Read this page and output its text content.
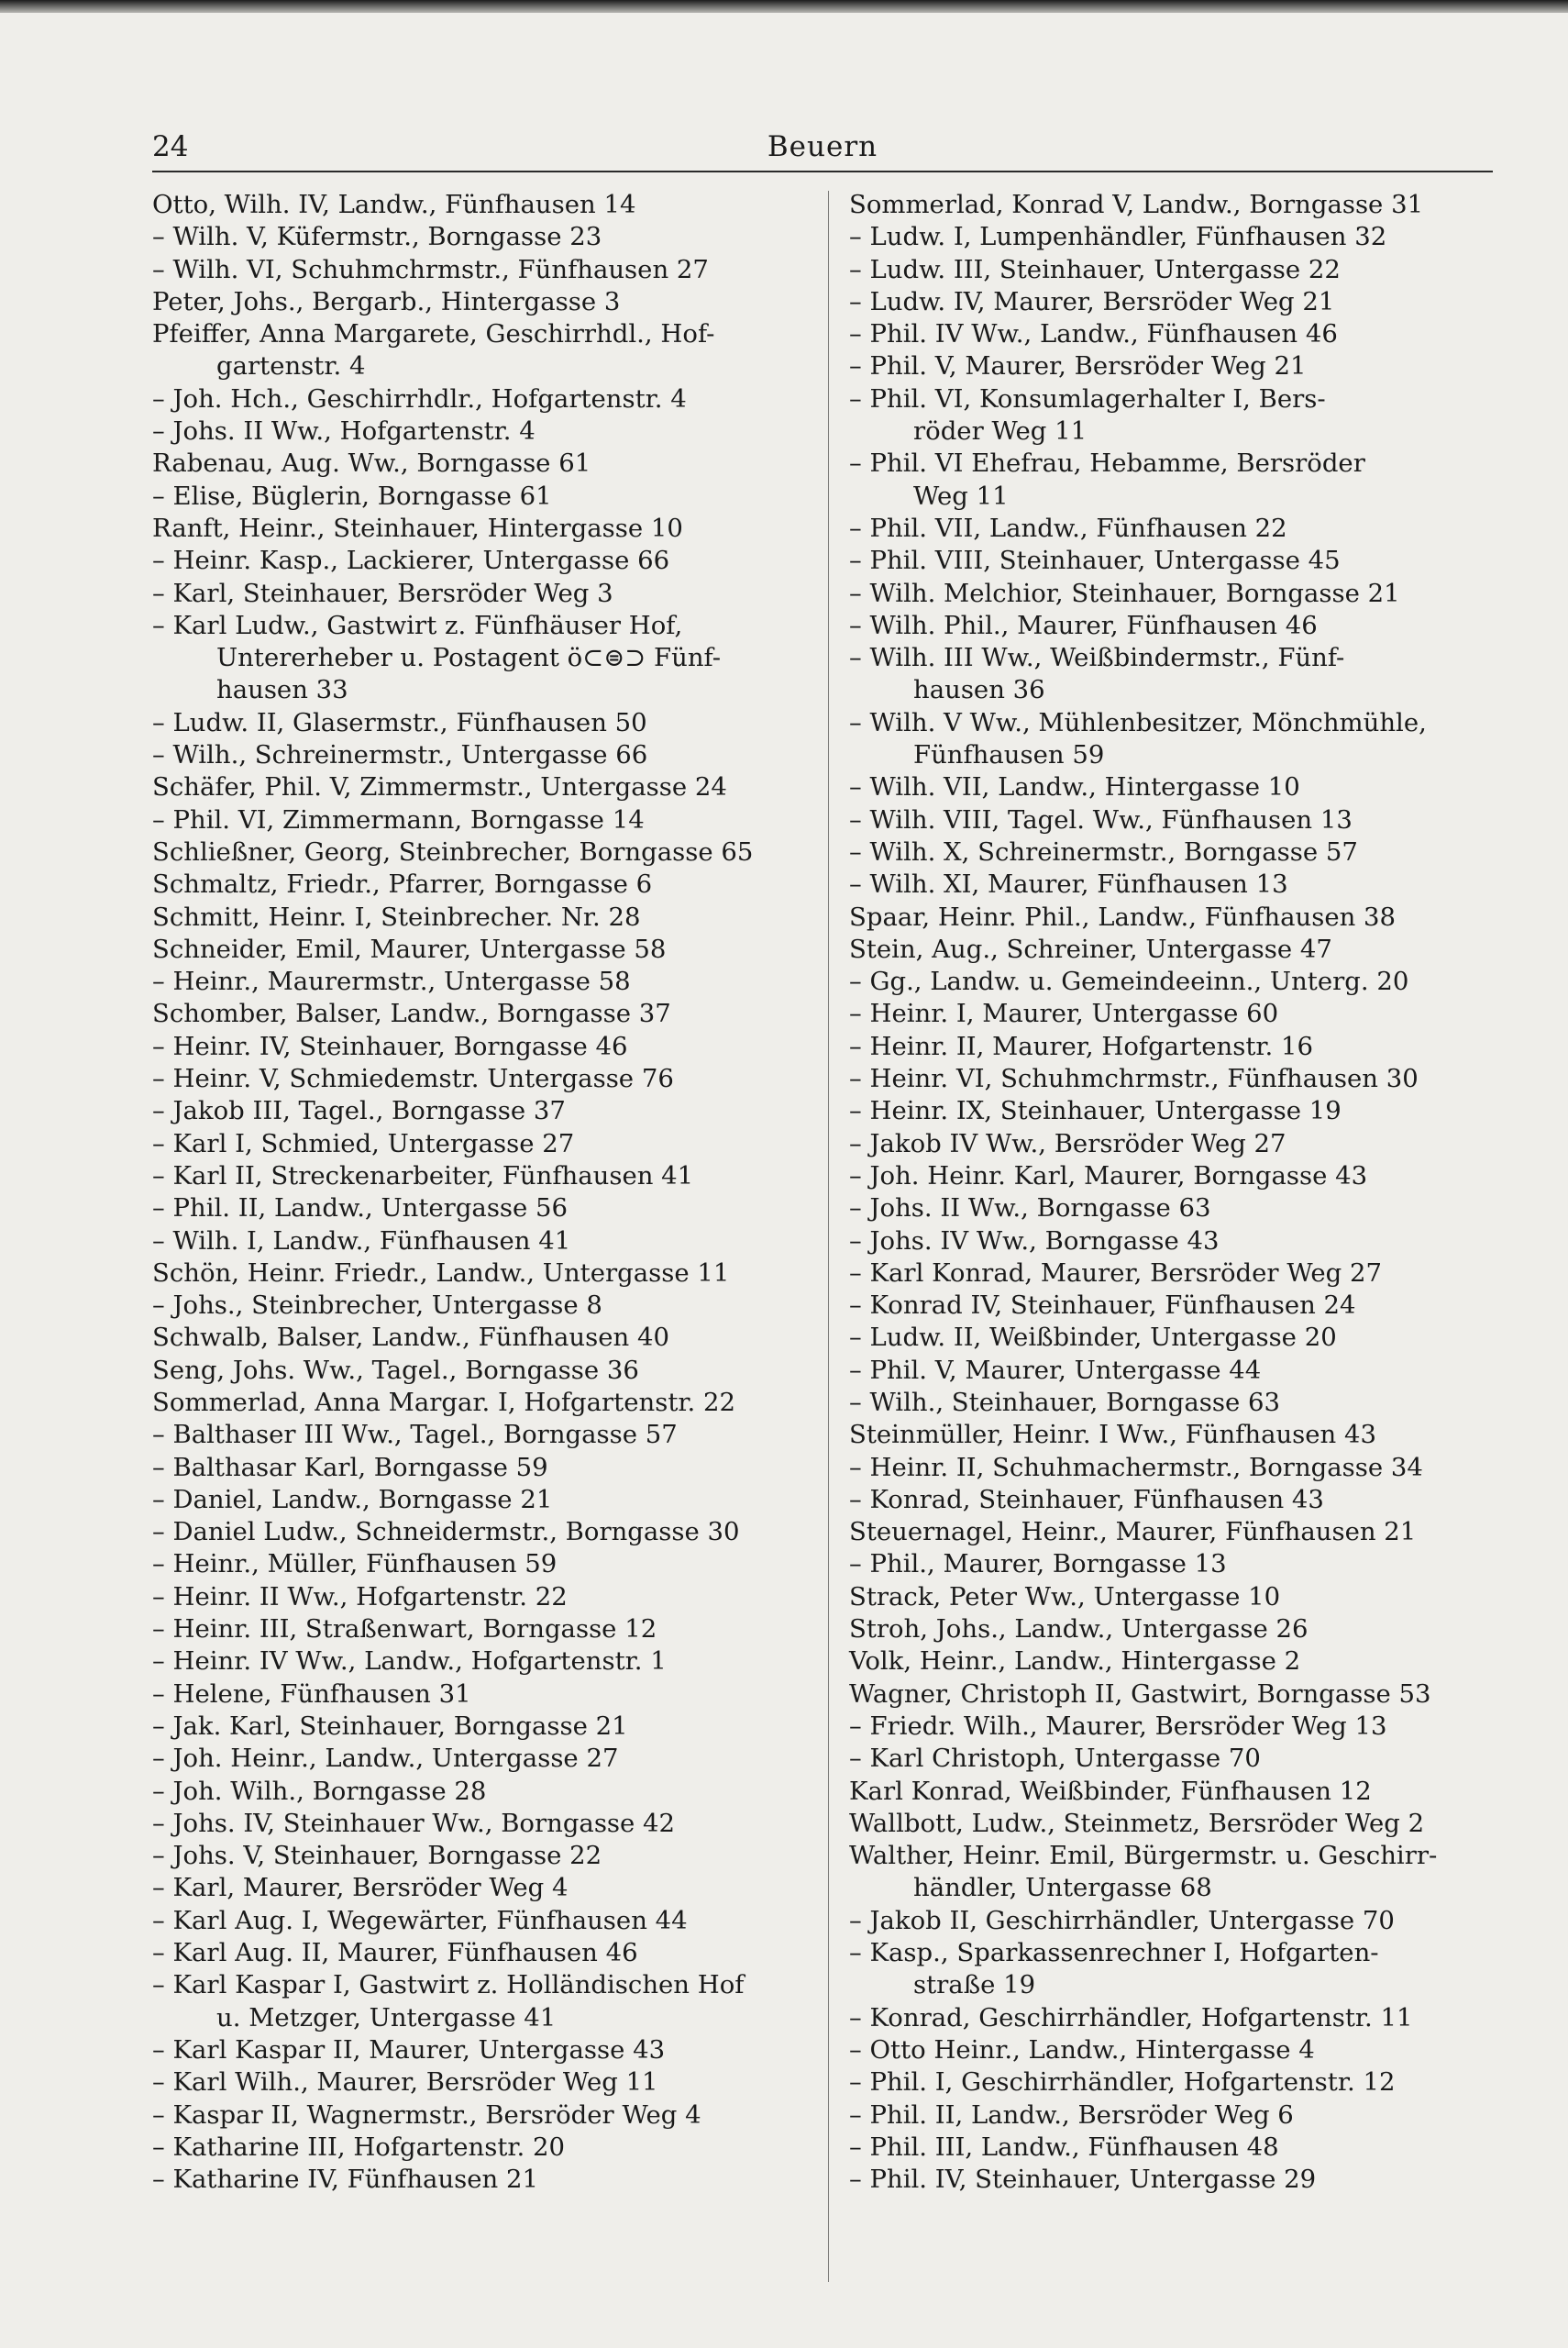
24	Beuern
Otto, Wilh. IV, Landw., Fünfhausen 14
– Wilh. V, Küfermstr., Borngasse 23
– Wilh. VI, Schuhmchrmstr., Fünfhausen 27
Peter, Johs., Bergarb., Hintergasse 3
Pfeiffer, Anna Margarete, Geschirrhdl., Hof-
gartenstr. 4
– Joh. Hch., Geschirrhdlr., Hofgartenstr. 4
– Johs. II Ww., Hofgartenstr. 4
Rabenau, Aug. Ww., Borngasse 61
– Elise, Büglerin, Borngasse 61
Ranft, Heinr., Steinhauer, Hintergasse 10
– Heinr. Kasp., Lackierer, Untergasse 66
– Karl, Steinhauer, Bersröder Weg 3
– Karl Ludw., Gastwirt z. Fünfhäuser Hof,
Untererheber u. Postagent ö⊂⊜⊃ Fünf-
hausen 33
– Ludw. II, Glasermstr., Fünfhausen 50
– Wilh., Schreinermstr., Untergasse 66
Schäfer, Phil. V, Zimmermstr., Untergasse 24
– Phil. VI, Zimmermann, Borngasse 14
Schließner, Georg, Steinbrecher, Borngasse 65
Schmaltz, Friedr., Pfarrer, Borngasse 6
Schmitt, Heinr. I, Steinbrecher. Nr. 28
Schneider, Emil, Maurer, Untergasse 58
– Heinr., Maurermstr., Untergasse 58
Schomber, Balser, Landw., Borngasse 37
– Heinr. IV, Steinhauer, Borngasse 46
– Heinr. V, Schmiedemstr. Untergasse 76
– Jakob III, Tagel., Borngasse 37
– Karl I, Schmied, Untergasse 27
– Karl II, Streckenarbeiter, Fünfhausen 41
– Phil. II, Landw., Untergasse 56
– Wilh. I, Landw., Fünfhausen 41
Schön, Heinr. Friedr., Landw., Untergasse 11
– Johs., Steinbrecher, Untergasse 8
Schwalb, Balser, Landw., Fünfhausen 40
Seng, Johs. Ww., Tagel., Borngasse 36
Sommerlad, Anna Margar. I, Hofgartenstr. 22
– Balthaser III Ww., Tagel., Borngasse 57
– Balthasar Karl, Borngasse 59
– Daniel, Landw., Borngasse 21
– Daniel Ludw., Schneidermstr., Borngasse 30
– Heinr., Müller, Fünfhausen 59
– Heinr. II Ww., Hofgartenstr. 22
– Heinr. III, Straßenwart, Borngasse 12
– Heinr. IV Ww., Landw., Hofgartenstr. 1
– Helene, Fünfhausen 31
– Jak. Karl, Steinhauer, Borngasse 21
– Joh. Heinr., Landw., Untergasse 27
– Joh. Wilh., Borngasse 28
– Johs. IV, Steinhauer Ww., Borngasse 42
– Johs. V, Steinhauer, Borngasse 22
– Karl, Maurer, Bersröder Weg 4
– Karl Aug. I, Wegewärter, Fünfhausen 44
– Karl Aug. II, Maurer, Fünfhausen 46
– Karl Kaspar I, Gastwirt z. Holländischen Hof
u. Metzger, Untergasse 41
– Karl Kaspar II, Maurer, Untergasse 43
– Karl Wilh., Maurer, Bersröder Weg 11
– Kaspar II, Wagnermstr., Bersröder Weg 4
– Katharine III, Hofgartenstr. 20
– Katharine IV, Fünfhausen 21
Sommerlad, Konrad V, Landw., Borngasse 31
– Ludw. I, Lumpenhändler, Fünfhausen 32
– Ludw. III, Steinhauer, Untergasse 22
– Ludw. IV, Maurer, Bersröder Weg 21
– Phil. IV Ww., Landw., Fünfhausen 46
– Phil. V, Maurer, Bersröder Weg 21
– Phil. VI, Konsumlagerhalter I, Bers-
röder Weg 11
– Phil. VI Ehefrau, Hebamme, Bersröder
Weg 11
– Phil. VII, Landw., Fünfhausen 22
– Phil. VIII, Steinhauer, Untergasse 45
– Wilh. Melchior, Steinhauer, Borngasse 21
– Wilh. Phil., Maurer, Fünfhausen 46
– Wilh. III Ww., Weißbindermstr., Fünf-
hausen 36
– Wilh. V Ww., Mühlenbesitzer, Mönchmühle,
Fünfhausen 59
– Wilh. VII, Landw., Hintergasse 10
– Wilh. VIII, Tagel. Ww., Fünfhausen 13
– Wilh. X, Schreinermstr., Borngasse 57
– Wilh. XI, Maurer, Fünfhausen 13
Spaar, Heinr. Phil., Landw., Fünfhausen 38
Stein, Aug., Schreiner, Untergasse 47
– Gg., Landw. u. Gemeindeeinn., Unterg. 20
– Heinr. I, Maurer, Untergasse 60
– Heinr. II, Maurer, Hofgartenstr. 16
– Heinr. VI, Schuhmchrmstr., Fünfhausen 30
– Heinr. IX, Steinhauer, Untergasse 19
– Jakob IV Ww., Bersröder Weg 27
– Joh. Heinr. Karl, Maurer, Borngasse 43
– Johs. II Ww., Borngasse 63
– Johs. IV Ww., Borngasse 43
– Karl Konrad, Maurer, Bersröder Weg 27
– Konrad IV, Steinhauer, Fünfhausen 24
– Ludw. II, Weißbinder, Untergasse 20
– Phil. V, Maurer, Untergasse 44
– Wilh., Steinhauer, Borngasse 63
Steinmüller, Heinr. I Ww., Fünfhausen 43
– Heinr. II, Schuhmachermstr., Borngasse 34
– Konrad, Steinhauer, Fünfhausen 43
Steuernagel, Heinr., Maurer, Fünfhausen 21
– Phil., Maurer, Borngasse 13
Strack, Peter Ww., Untergasse 10
Stroh, Johs., Landw., Untergasse 26
Volk, Heinr., Landw., Hintergasse 2
Wagner, Christoph II, Gastwirt, Borngasse 53
– Friedr. Wilh., Maurer, Bersröder Weg 13
– Karl Christoph, Untergasse 70
Karl Konrad, Weißbinder, Fünfhausen 12
Wallbott, Ludw., Steinmetz, Bersröder Weg 2
Walther, Heinr. Emil, Bürgermstr. u. Geschirr-
händler, Untergasse 68
– Jakob II, Geschirrhändler, Untergasse 70
– Kasp., Sparkassenrechner I, Hofgarten-
straße 19
– Konrad, Geschirrhändler, Hofgartenstr. 11
– Otto Heinr., Landw., Hintergasse 4
– Phil. I, Geschirrhändler, Hofgartenstr. 12
– Phil. II, Landw., Bersröder Weg 6
– Phil. III, Landw., Fünfhausen 48
– Phil. IV, Steinhauer, Untergasse 29
